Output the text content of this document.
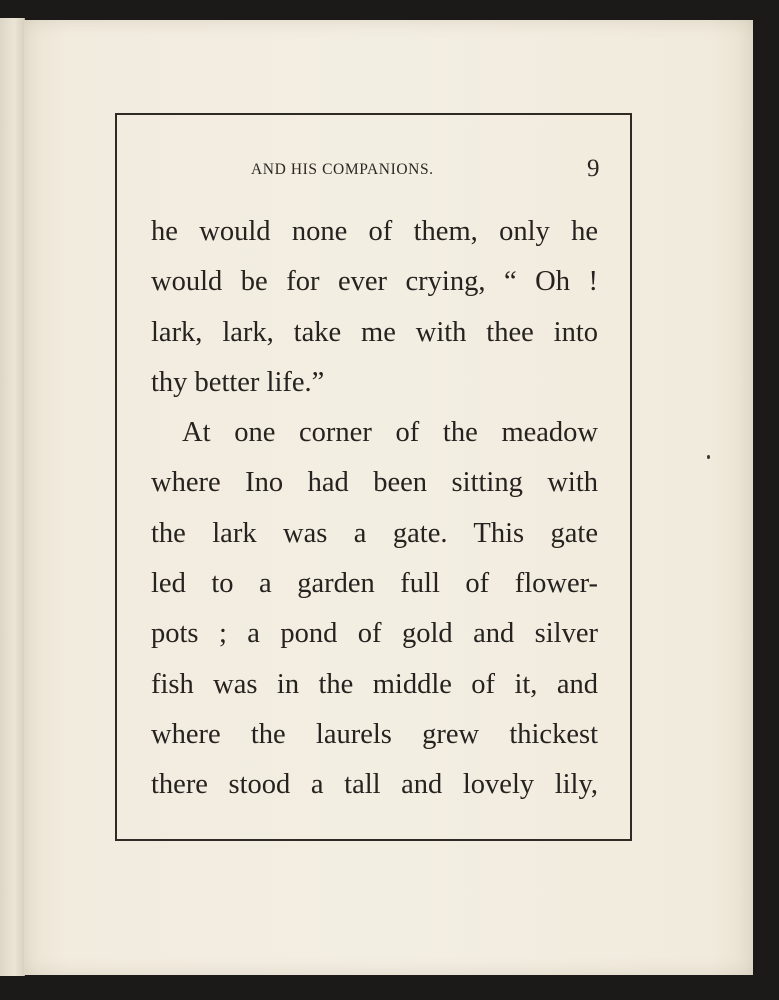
AND HIS COMPANIONS.	9
he would none of them, only he
would be for ever crying, “ Oh !
lark, lark, take me with thee into
thy better life.”
At one corner of the meadow
where Ino had been sitting with
the lark was a gate. This gate
led to a garden full of flower-
pots ; a pond of gold and silver
fish was in the middle of it, and
where the laurels grew thickest
there stood a tall and lovely lily,
